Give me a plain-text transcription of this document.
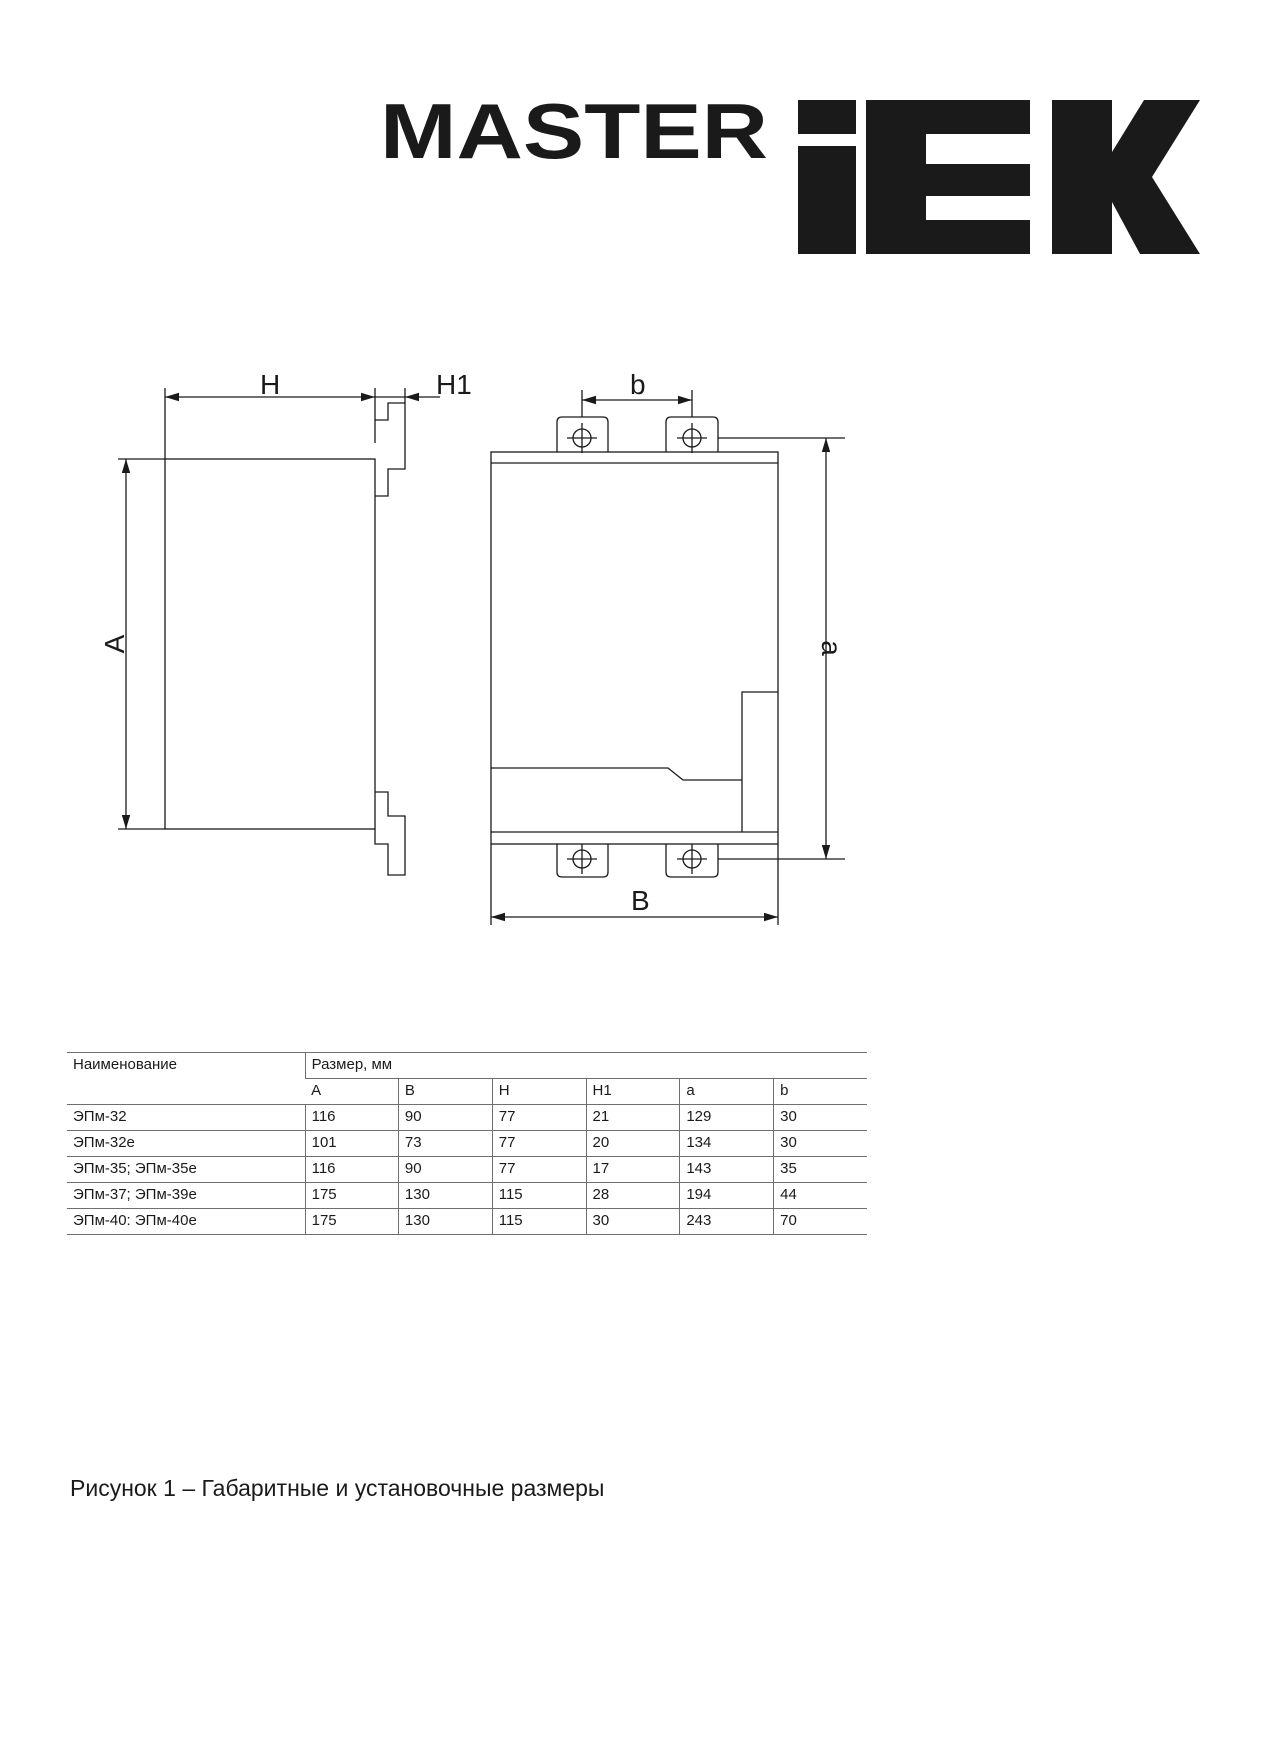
MASTER
H	H1
A
b
a
B
Наименование	Размер, мм					
	A	B	H	H1	a	b
ЭПм-32	116	90	77	21	129	30
ЭПм-32е	101	73	77	20	134	30
ЭПм-35; ЭПм-35е	116	90	77	17	143	35
ЭПм-37; ЭПм-39е	175	130	115	28	194	44
ЭПм-40: ЭПм-40е	175	130	115	30	243	70
Рисунок 1 – Габаритные и установочные размеры
